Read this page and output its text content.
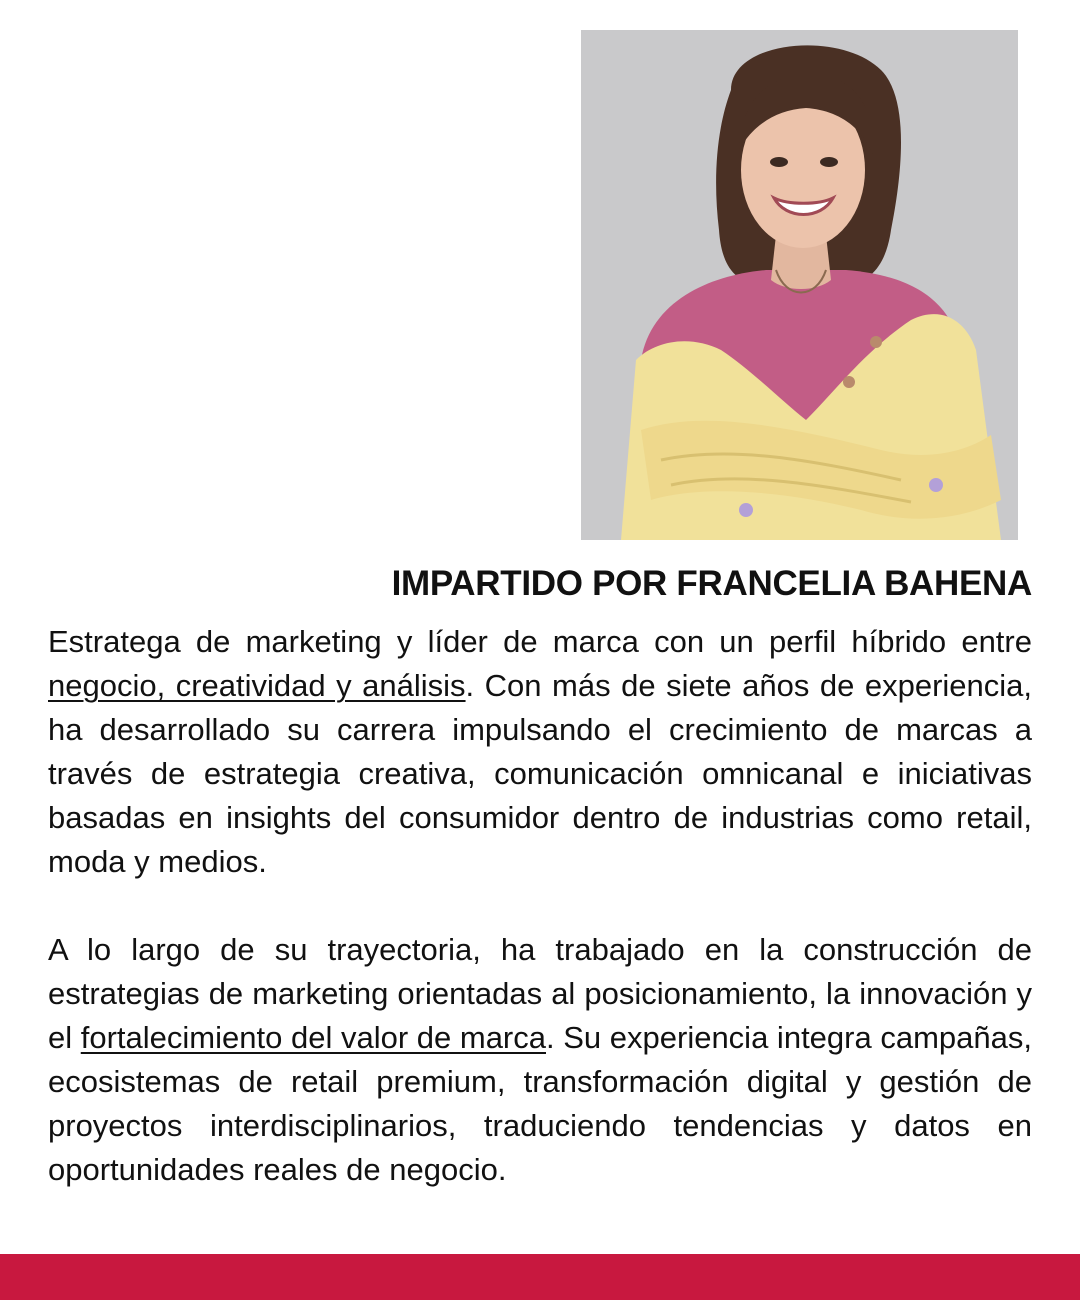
IMPARTIDO POR FRANCELIA BAHENA

Estratega de marketing y líder de marca con un perfil híbrido entre negocio, creatividad y análisis. Con más de siete años de experiencia, ha desarrollado su carrera impulsando el crecimiento de marcas a través de estrategia creativa, comunicación omnicanal e iniciativas basadas en insights del consumidor dentro de industrias como retail, moda y medios.

A lo largo de su trayectoria, ha trabajado en la construcción de estrategias de marketing orientadas al posicionamiento, la innovación y el fortalecimiento del valor de marca. Su experiencia integra campañas, ecosistemas de retail premium, transformación digital y gestión de proyectos interdisciplinarios, traduciendo tendencias y datos en oportunidades reales de negocio.
